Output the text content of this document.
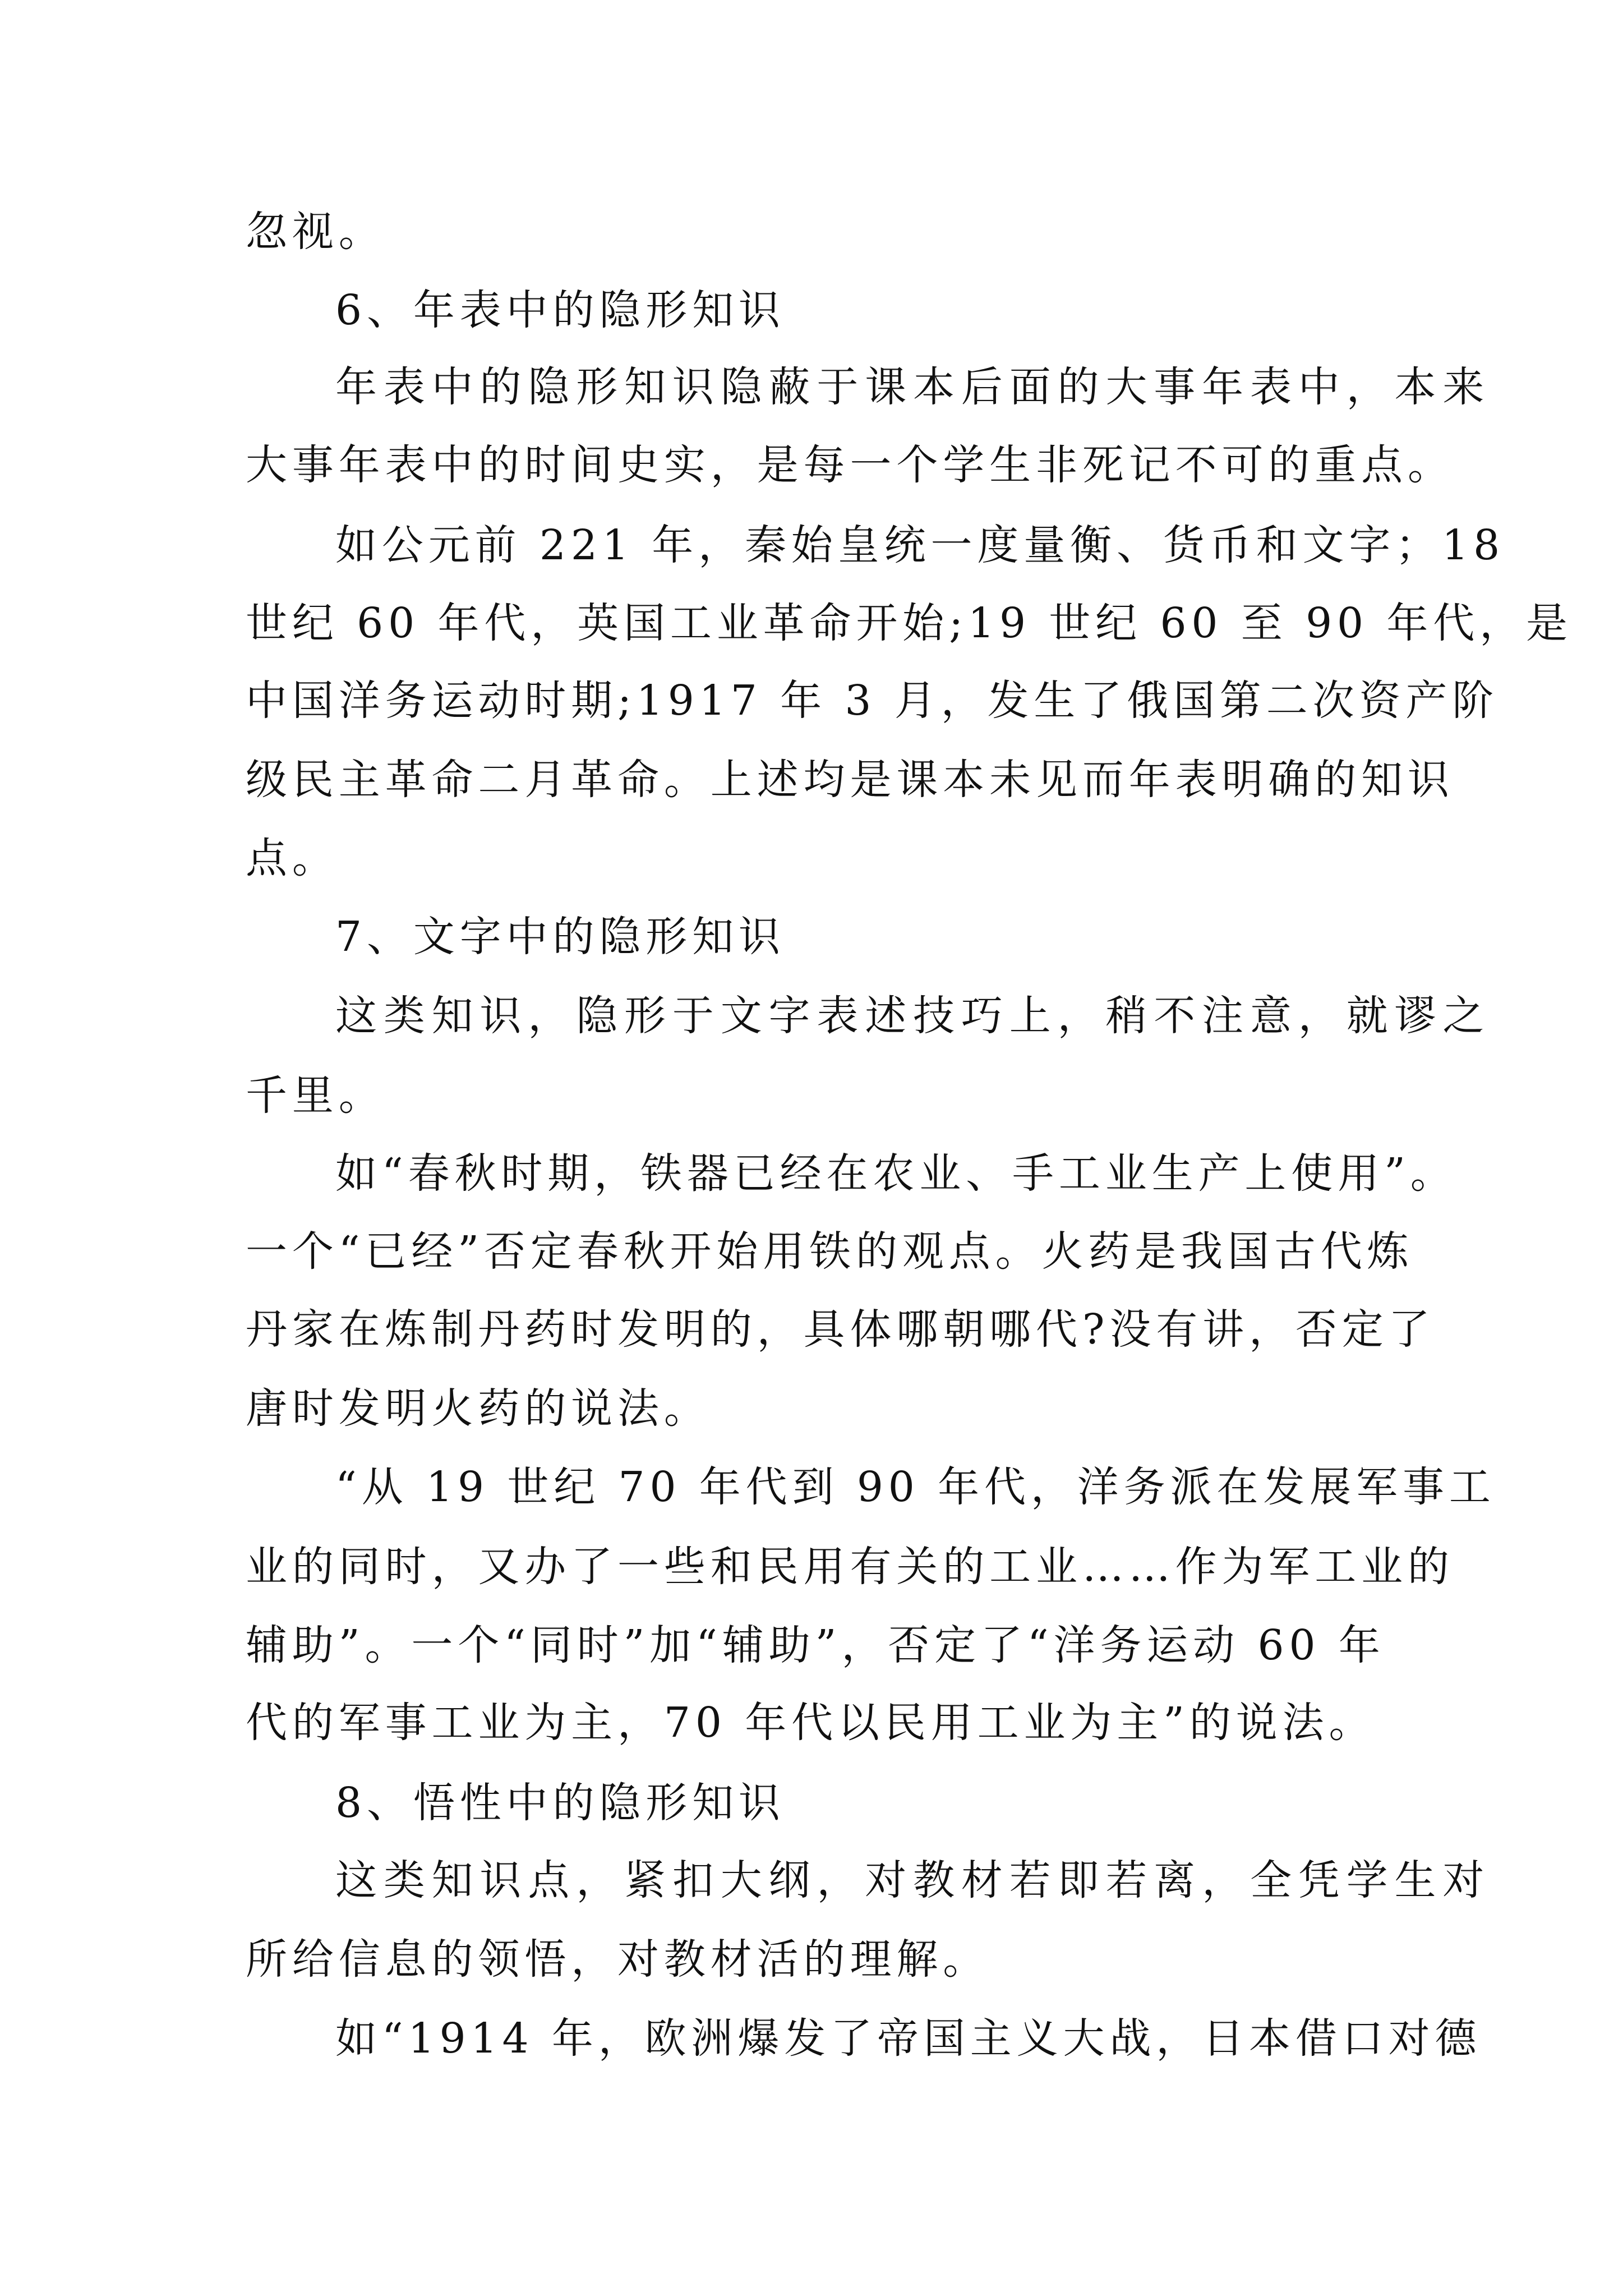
忽视。

6、年表中的隐形知识

年表中的隐形知识隐蔽于课本后面的大事年表中，本来

大事年表中的时间史实，是每一个学生非死记不可的重点。

如公元前 221 年，秦始皇统一度量衡、货币和文字；18

世纪 60 年代，英国工业革命开始;19 世纪 60 至 90 年代，是

中国洋务运动时期;1917 年 3 月，发生了俄国第二次资产阶

级民主革命二月革命。上述均是课本未见而年表明确的知识

点。

7、文字中的隐形知识

这类知识，隐形于文字表述技巧上，稍不注意，就谬之

千里。

如“春秋时期，铁器已经在农业、手工业生产上使用”。

一个“已经”否定春秋开始用铁的观点。火药是我国古代炼

丹家在炼制丹药时发明的，具体哪朝哪代?没有讲，否定了

唐时发明火药的说法。

“从 19 世纪 70 年代到 90 年代，洋务派在发展军事工

业的同时，又办了一些和民用有关的工业……作为军工业的

辅助”。一个“同时”加“辅助”，否定了“洋务运动 60 年

代的军事工业为主，70 年代以民用工业为主”的说法。

8、悟性中的隐形知识

这类知识点，紧扣大纲，对教材若即若离，全凭学生对

所给信息的领悟，对教材活的理解。

如“1914 年，欧洲爆发了帝国主义大战，日本借口对德
